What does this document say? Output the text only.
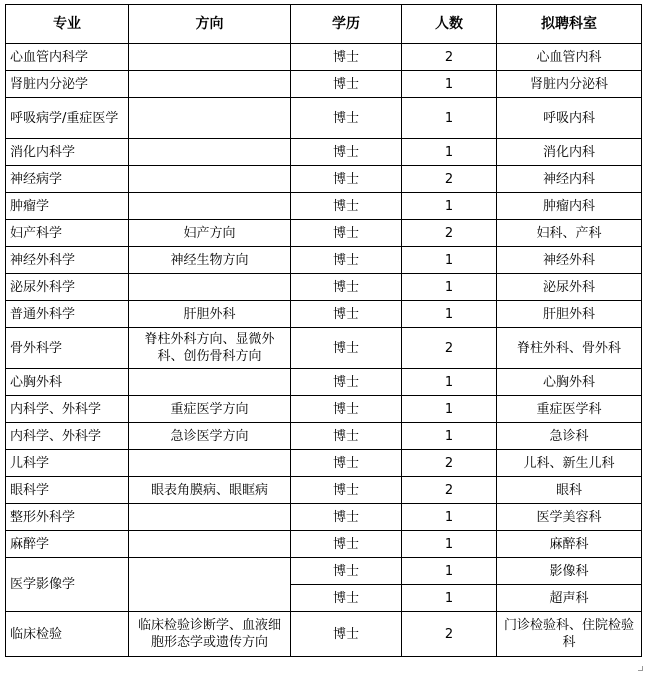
专业	方向	学历	人数	拟聘科室
心血管内科学		博士	2	心血管内科
肾脏内分泌学		博士	1	肾脏内分泌科
呼吸病学/重症医学		博士	1	呼吸内科
消化内科学		博士	1	消化内科
神经病学		博士	2	神经内科
肿瘤学		博士	1	肿瘤内科
妇产科学	妇产方向	博士	2	妇科、产科
神经外科学	神经生物方向	博士	1	神经外科
泌尿外科学		博士	1	泌尿外科
普通外科学	肝胆外科	博士	1	肝胆外科
骨外科学	脊柱外科方向、显微外科、创伤骨科方向	博士	2	脊柱外科、骨外科
心胸外科		博士	1	心胸外科
内科学、外科学	重症医学方向	博士	1	重症医学科
内科学、外科学	急诊医学方向	博士	1	急诊科
儿科学		博士	2	儿科、新生儿科
眼科学	眼表角膜病、眼眶病	博士	2	眼科
整形外科学		博士	1	医学美容科
麻醉学		博士	1	麻醉科
医学影像学		博士	1	影像科
		博士	1	超声科
临床检验	临床检验诊断学、血液细胞形态学或遗传方向	博士	2	门诊检验科、住院检验科
